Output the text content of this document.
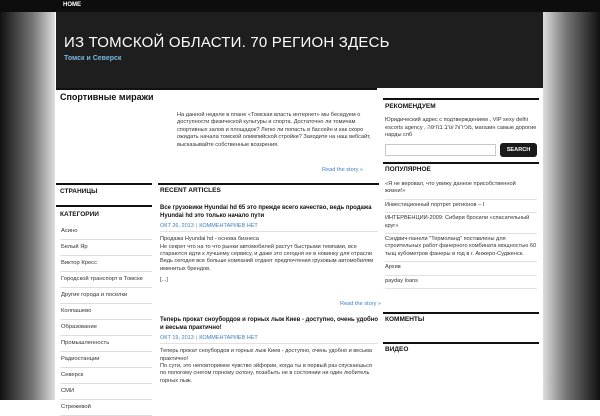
HOME
ИЗ ТОМСКОЙ ОБЛАСТИ. 70 РЕГИОН ЗДЕСЬ
Томск и Северск
Спортивные миражи
На данной неделе в плане «Томская власть интернет» мы беседуем о доступности физической культуры и спорта. Достаточно ли томичам спортивных залов и площадок? Легко ли попасть в бассейн и как скоро ожидать начала томской олимпийской стройки? Заходите на наш вебсайт, высказывайте собственные воззрения.
Read the story »
СТРАНИЦЫ
КАТЕГОРИИ
Асино
Белый Яр
Виктор Кресс
Городской транспорт в Томске
Другие города и поселки
Колпашево
Образование
Промышленность
Радиостанции
Северск
СМИ
Стрежевой
RECENT ARTICLES
Все грузовики Hyundai hd 65 это прежде всего качество, ведь продажа Hyundai hd это только начало пути
ОКТ 26, 2013 | КОММЕНТАРИЕВ НЕТ
Продажа Hyundai hd - основа бизнеса
Не секрет что на то что рынки автомобилей растут быстрыми темпами, все стараются идти к лучшему сервису, и даже это сегодня не в новинку для отрасли Ведь сегодня все больше компаний отдают предпочтения грузовым автомобилям именитых брендов.
[...]
Read the story »
Теперь прокат сноубордов и горных лыж Киев - доступно, очень удобно и весьма практично!
ОКТ 19, 2013 | КОММЕНТАРИЕВ НЕТ
Теперь прокат сноубордов и горных лыж Киев - доступно, очень удобно и весьма практично!
По сути, это неповторимое чувство эйфории, когда ты в первый раз спускаешься по пологому снегом горному склону, позабыть не в состоянии ни один любитель горных лыж.
РЕКОМЕНДУЕМ
Юридический адрес с подтверждением , VIP sexy delhi escorts agency , מכירות ערב בחיפה, магазин самые дорогие нарды спб
SEARCH
ПОПУЛЯРНОЕ
«Я не веровал, что увижу данное присобственной жизни!»
Инвестиционный портрет регионов – I
ИНТЕРВЕНЦИИ-2009: Сибири бросили «спасательный круг»
Сэндвич-панели "Термоланд" поставлены для строительных работ фанерного комбината мощностью 60 тыщ кубометров фанеры в год в г. Анжеро-Судженск.
Архив
payday loans
КОММЕНТЫ
ВИДЕО
